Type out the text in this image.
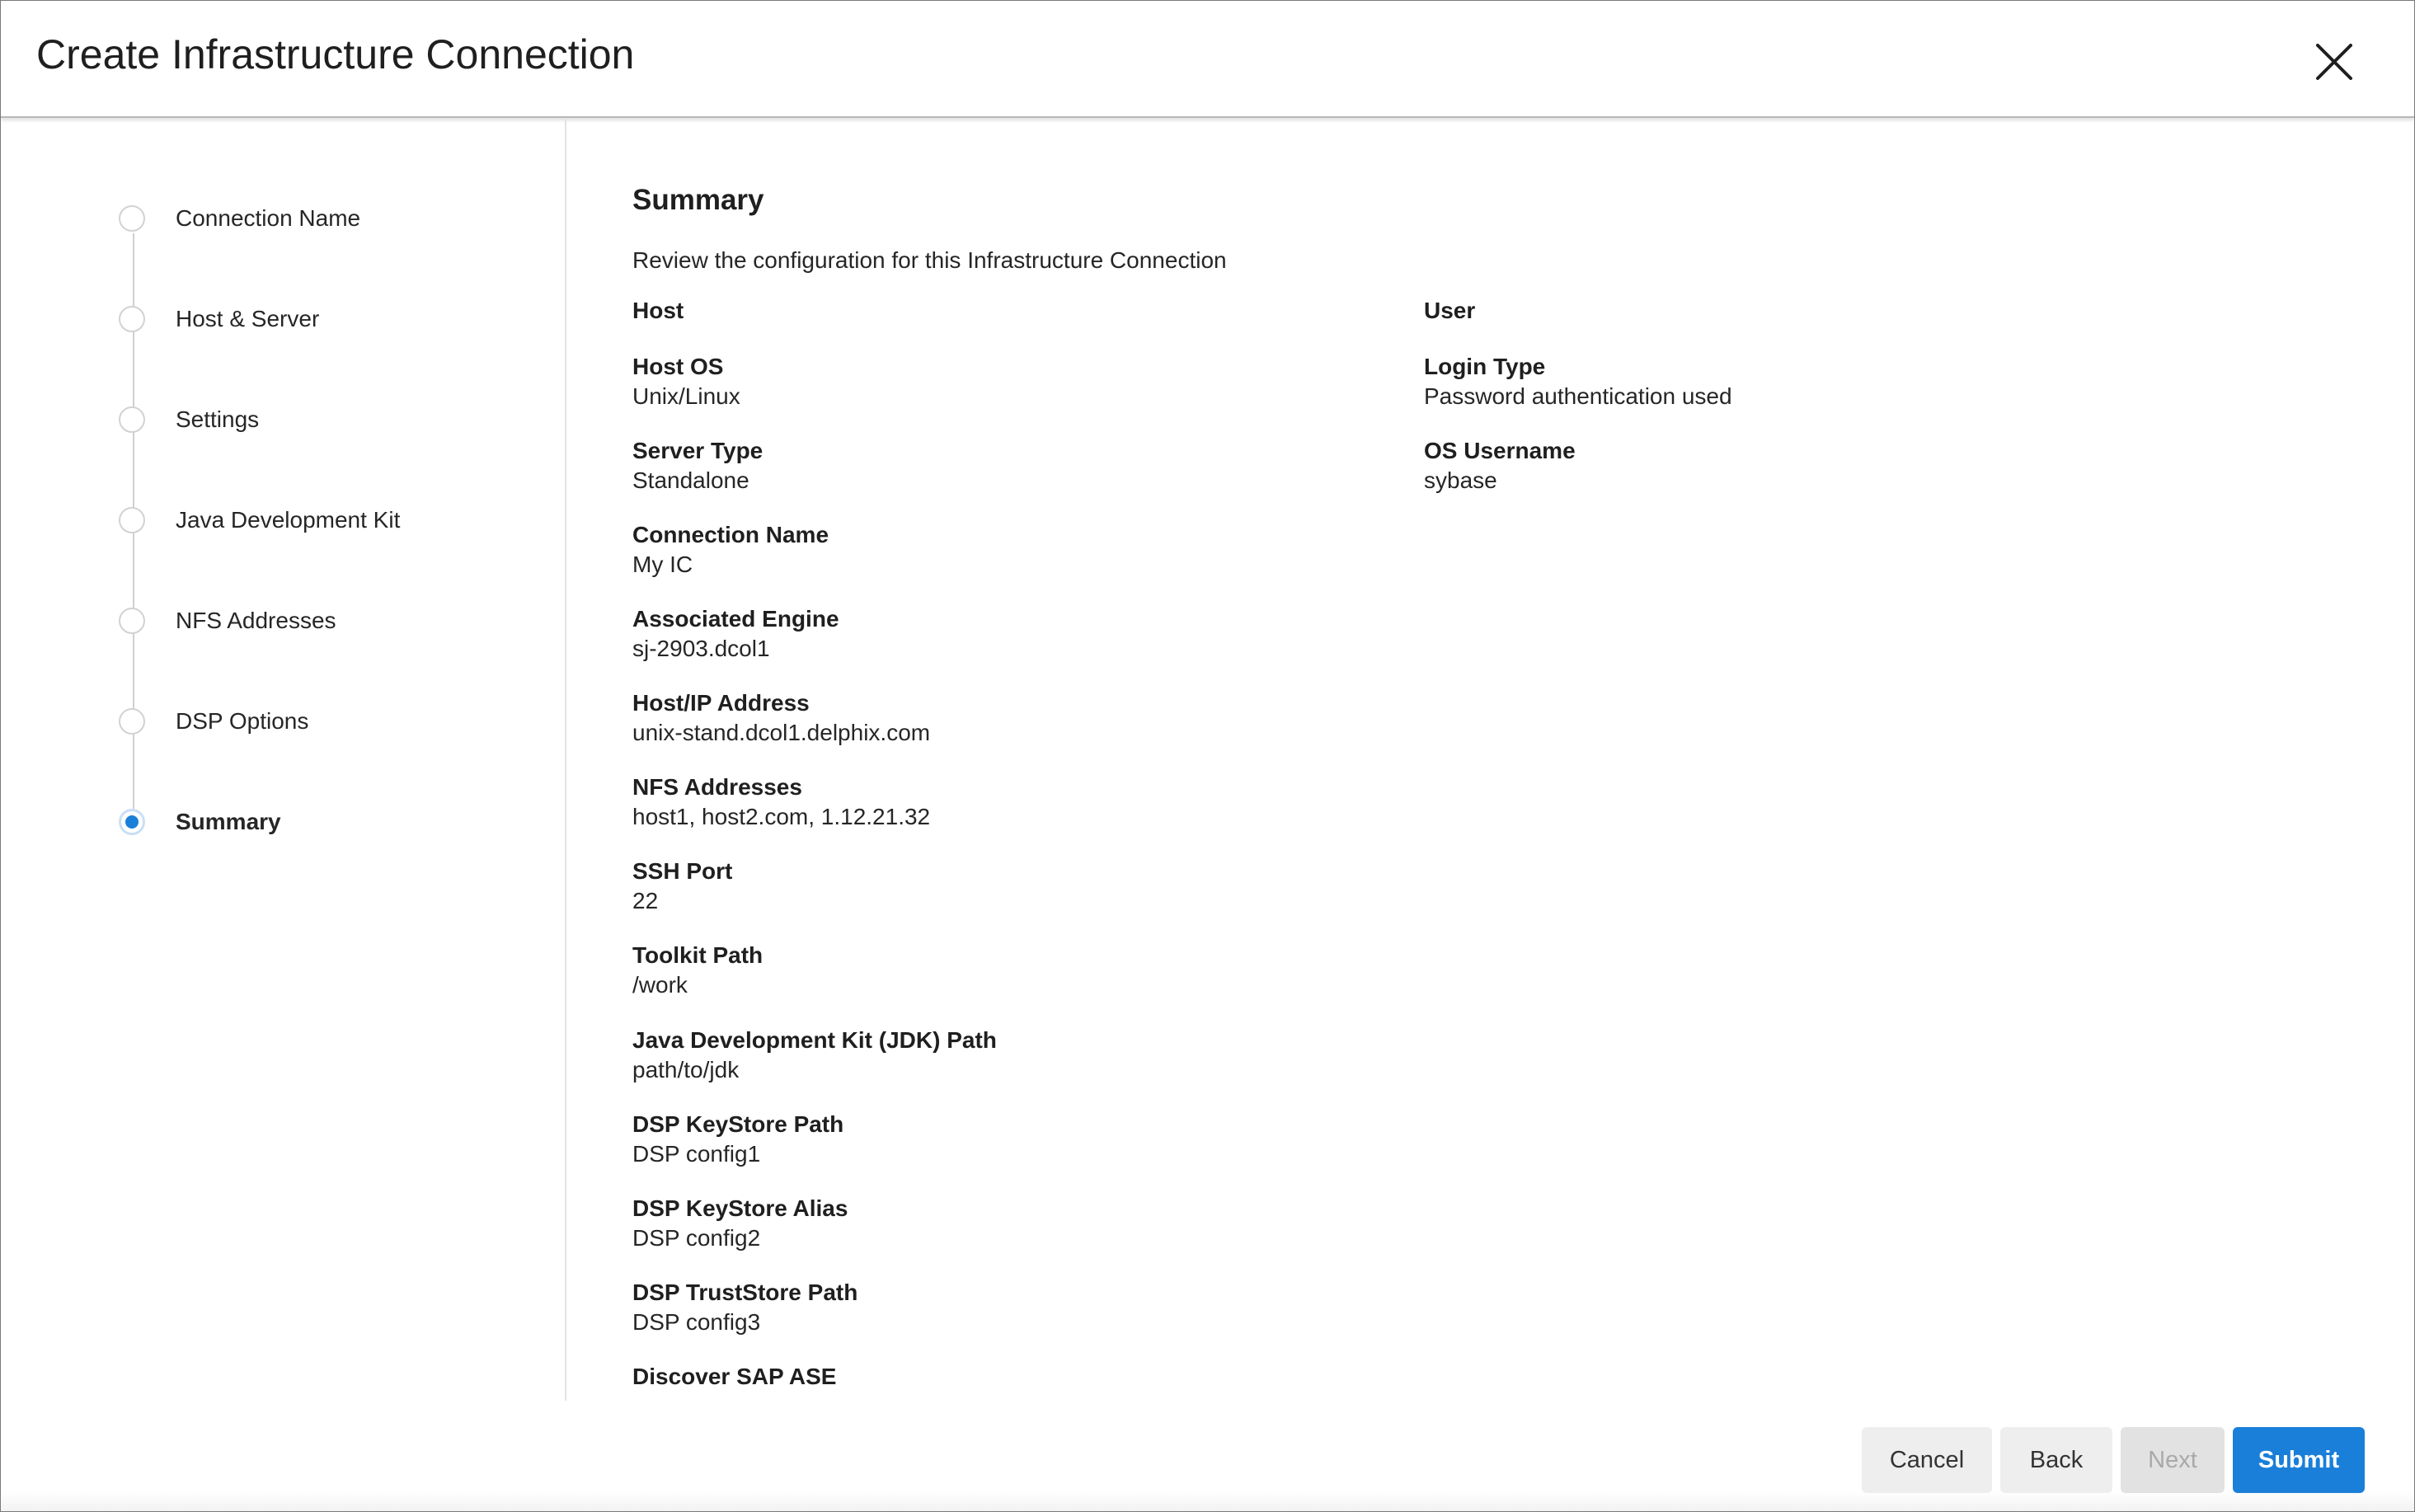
Create Infrastructure Connection
Connection Name
Host & Server
Settings
Java Development Kit
NFS Addresses
DSP Options
Summary
Summary
Review the configuration for this Infrastructure Connection
Host
Host OS
Unix/Linux
Server Type
Standalone
Connection Name
My IC
Associated Engine
sj-2903.dcol1
Host/IP Address
unix-stand.dcol1.delphix.com
NFS Addresses
host1, host2.com, 1.12.21.32
SSH Port
22
Toolkit Path
/work
Java Development Kit (JDK) Path
path/to/jdk
DSP KeyStore Path
DSP config1
DSP KeyStore Alias
DSP config2
DSP TrustStore Path
DSP config3
Discover SAP ASE
User
Login Type
Password authentication used
OS Username
sybase
Cancel	Back	Next	Submit
